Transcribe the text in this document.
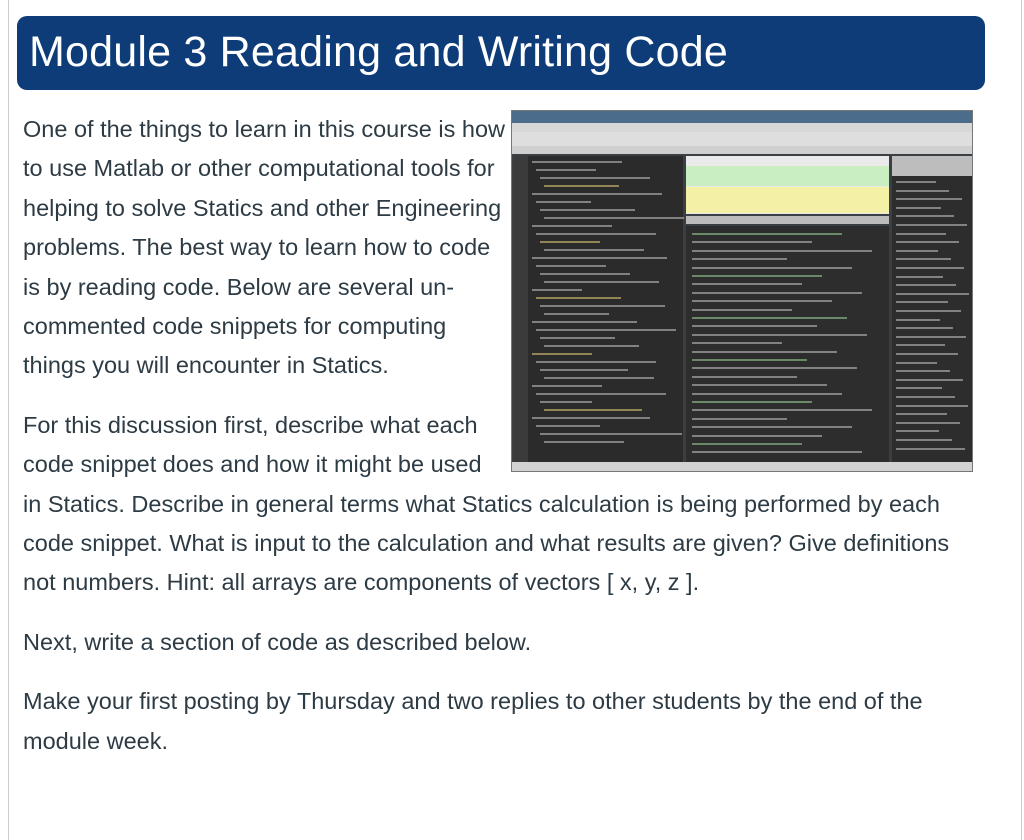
Module 3 Reading and Writing Code

One of the things to learn in this course is how to use Matlab or other computational tools for helping to solve Statics and other Engineering problems. The best way to learn how to code is by reading code. Below are several un-commented code snippets for computing things you will encounter in Statics.

For this discussion first, describe what each code snippet does and how it might be used in Statics. Describe in general terms what Statics calculation is being performed by each code snippet. What is input to the calculation and what results are given? Give definitions not numbers. Hint: all arrays are components of vectors [ x, y, z ].

Next, write a section of code as described below.

Make your first posting by Thursday and two replies to other students by the end of the module week.
